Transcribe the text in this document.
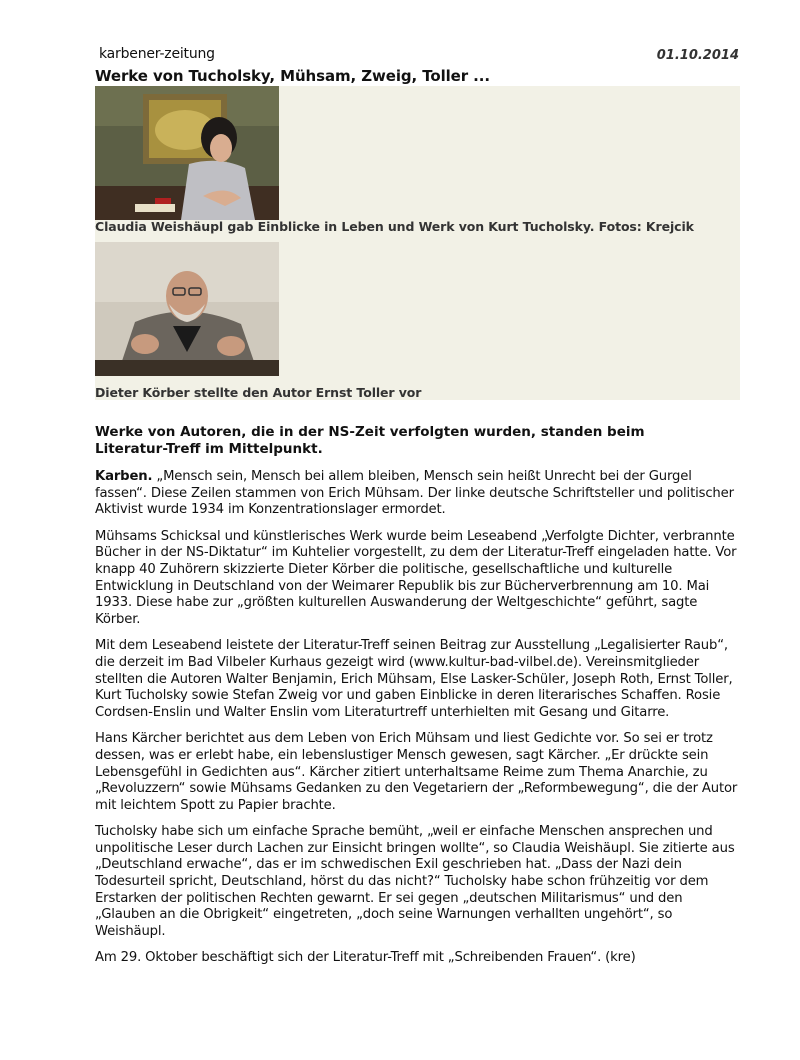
karbener-zeitung	01.10.2014
Werke von Tucholsky, Mühsam, Zweig, Toller ...
Claudia Weishäupl gab Einblicke in Leben und Werk von Kurt Tucholsky. Fotos: Krejcik
Dieter Körber stellte den Autor Ernst Toller vor

Werke von Autoren, die in der NS-Zeit verfolgten wurden, standen beim Literatur-Treff im Mittelpunkt.

Karben. „Mensch sein, Mensch bei allem bleiben, Mensch sein heißt Unrecht bei der Gurgel fassen“. Diese Zeilen stammen von Erich Mühsam. Der linke deutsche Schriftsteller und politischer Aktivist wurde 1934 im Konzentrationslager ermordet.

Mühsams Schicksal und künstlerisches Werk wurde beim Leseabend „Verfolgte Dichter, verbrannte Bücher in der NS-Diktatur“ im Kuhtelier vorgestellt, zu dem der Literatur-Treff eingeladen hatte. Vor knapp 40 Zuhörern skizzierte Dieter Körber die politische, gesellschaftliche und kulturelle Entwicklung in Deutschland von der Weimarer Republik bis zur Bücherverbrennung am 10. Mai 1933. Diese habe zur „größten kulturellen Auswanderung der Weltgeschichte“ geführt, sagte Körber.

Mit dem Leseabend leistete der Literatur-Treff seinen Beitrag zur Ausstellung „Legalisierter Raub“, die derzeit im Bad Vilbeler Kurhaus gezeigt wird (www.kultur-bad-vilbel.de). Vereinsmitglieder stellten die Autoren Walter Benjamin, Erich Mühsam, Else Lasker-Schüler, Joseph Roth, Ernst Toller, Kurt Tucholsky sowie Stefan Zweig vor und gaben Einblicke in deren literarisches Schaffen. Rosie Cordsen-Enslin und Walter Enslin vom Literaturtreff unterhielten mit Gesang und Gitarre.

Hans Kärcher berichtet aus dem Leben von Erich Mühsam und liest Gedichte vor. So sei er trotz dessen, was er erlebt habe, ein lebenslustiger Mensch gewesen, sagt Kärcher. „Er drückte sein Lebensgefühl in Gedichten aus“. Kärcher zitiert unterhaltsame Reime zum Thema Anarchie, zu „Revoluzzern“ sowie Mühsams Gedanken zu den Vegetariern der „Reformbewegung“, die der Autor mit leichtem Spott zu Papier brachte.

Tucholsky habe sich um einfache Sprache bemüht, „weil er einfache Menschen ansprechen und unpolitische Leser durch Lachen zur Einsicht bringen wollte“, so Claudia Weishäupl. Sie zitierte aus „Deutschland erwache“, das er im schwedischen Exil geschrieben hat. „Dass der Nazi dein Todesurteil spricht, Deutschland, hörst du das nicht?“ Tucholsky habe schon frühzeitig vor dem Erstarken der politischen Rechten gewarnt. Er sei gegen „deutschen Militarismus“ und den „Glauben an die Obrigkeit“ eingetreten, „doch seine Warnungen verhallten ungehört“, so Weishäupl.

Am 29. Oktober beschäftigt sich der Literatur-Treff mit „Schreibenden Frauen“. (kre)
